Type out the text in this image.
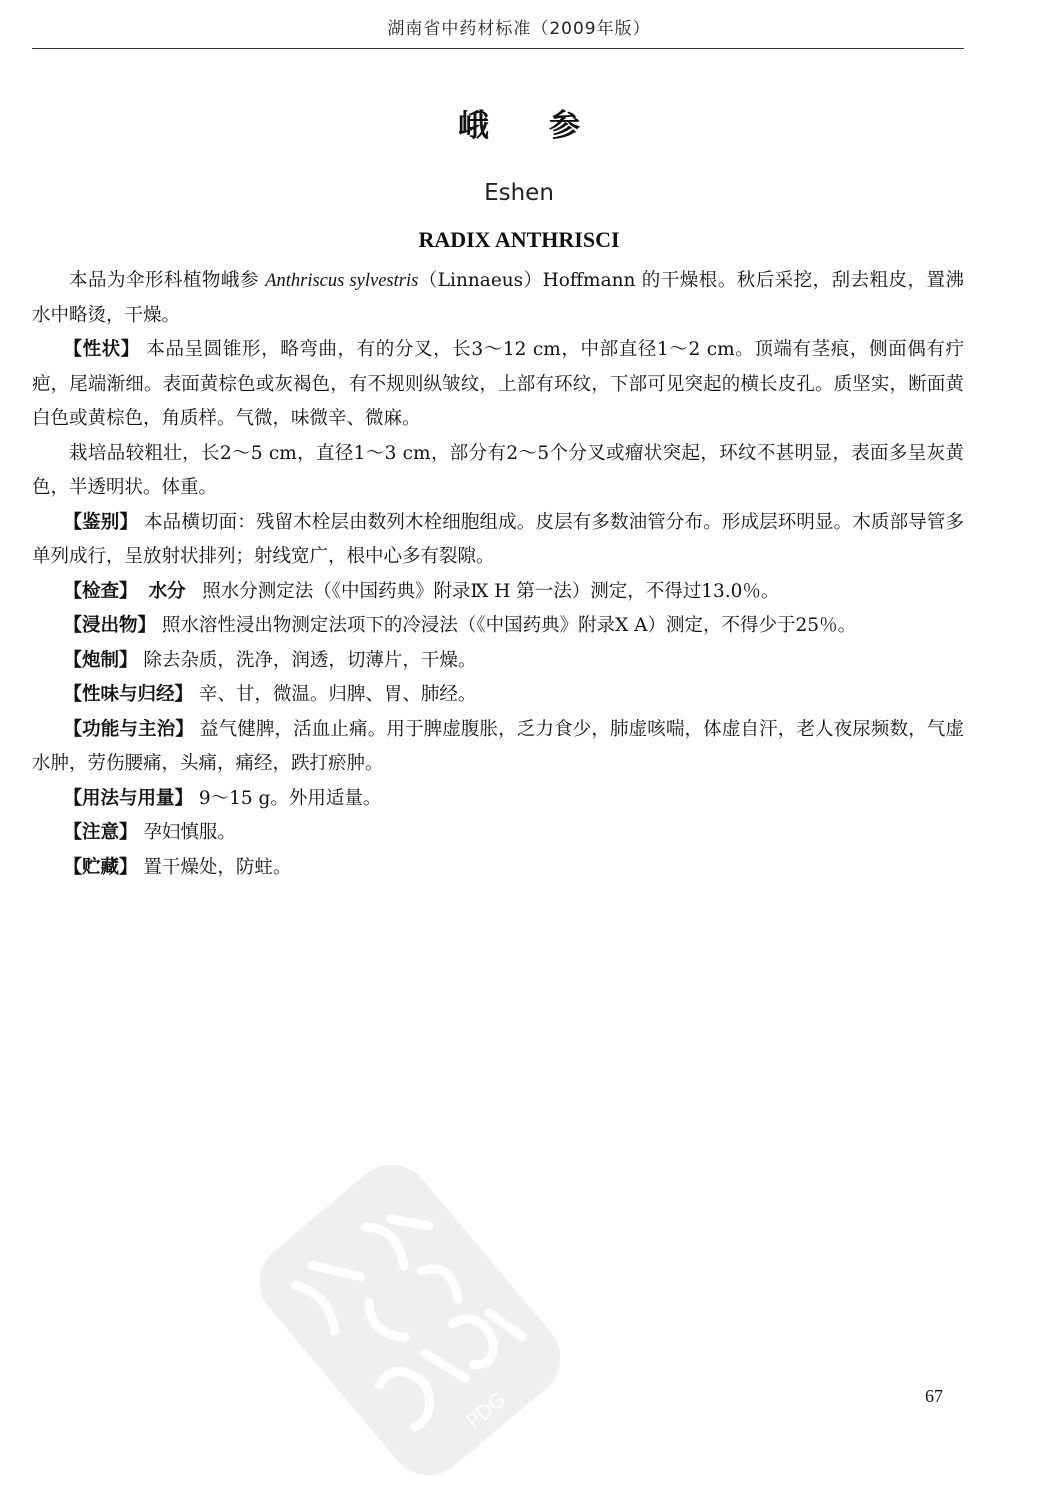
湖南省中药材标准（2009年版）
峨参
Eshen
RADIX ANTHRISCI

本品为伞形科植物峨参 Anthriscus sylvestris（Linnaeus）Hoffmann 的干燥根。秋后采挖，刮去粗皮，置沸水中略烫，干燥。

【性状】 本品呈圆锥形，略弯曲，有的分叉，长3～12 cm，中部直径1～2 cm。顶端有茎痕，侧面偶有疔疤，尾端渐细。表面黄棕色或灰褐色，有不规则纵皱纹，上部有环纹，下部可见突起的横长皮孔。质坚实，断面黄白色或黄棕色，角质样。气微，味微辛、微麻。

栽培品较粗壮，长2～5 cm，直径1～3 cm，部分有2～5个分叉或瘤状突起，环纹不甚明显，表面多呈灰黄色，半透明状。体重。

【鉴别】 本品横切面：残留木栓层由数列木栓细胞组成。皮层有多数油管分布。形成层环明显。木质部导管多单列成行，呈放射状排列；射线宽广，根中心多有裂隙。

【检查】 水分 照水分测定法（《中国药典》附录Ⅸ H 第一法）测定，不得过13.0％。

【浸出物】 照水溶性浸出物测定法项下的冷浸法（《中国药典》附录Ⅹ A）测定，不得少于25％。

【炮制】 除去杂质，洗净，润透，切薄片，干燥。

【性味与归经】 辛、甘，微温。归脾、胃、肺经。

【功能与主治】 益气健脾，活血止痛。用于脾虚腹胀，乏力食少，肺虚咳喘，体虚自汗，老人夜尿频数，气虚水肿，劳伤腰痛，头痛，痛经，跌打瘀肿。

【用法与用量】 9～15 g。外用适量。

【注意】 孕妇慎服。

【贮藏】 置干燥处，防蛀。

PDG	67
